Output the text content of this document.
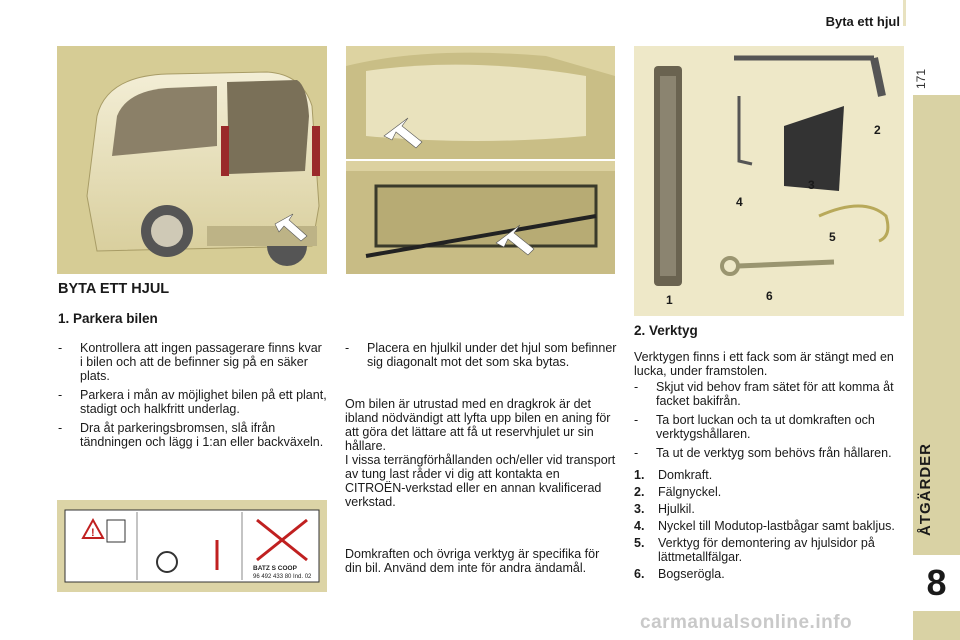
Byta ett hjul
171
ÅTGÄRDER
8
1
2
3
4
5
6
!
BATZ S COOP
96 492 433 80 Ind. 02
BYTA ETT HJUL
1. Parkera bilen
- Kontrollera att ingen passagerare finns kvar i bilen och att de befinner sig på en säker plats.
- Parkera i mån av möjlighet bilen på ett plant, stadigt och halkfritt underlag.
- Dra åt parkeringsbromsen, slå ifrån tändningen och lägg i 1:an eller backväxeln.
- Placera en hjulkil under det hjul som befinner sig diagonalt mot det som ska bytas.

Om bilen är utrustad med en dragkrok är det ibland nödvändigt att lyfta upp bilen en aning för att göra det lättare att få ut reservhjulet ur sin hållare.

I vissa terrängförhållanden och/eller vid transport av tung last råder vi dig att kontakta en CITROËN-verkstad eller en annan kvalificerad verkstad.

Domkraften och övriga verktyg är specifika för din bil. Använd dem inte för andra ändamål.

2. Verktyg

Verktygen finns i ett fack som är stängt med en lucka, under framstolen.

- Skjut vid behov fram sätet för att komma åt facket bakifrån.
- Ta bort luckan och ta ut domkraften och verktygshållaren.
- Ta ut de verktyg som behövs från hållaren.
1. Domkraft.
2. Fälgnyckel.
3. Hjulkil.
4. Nyckel till Modutop-lastbågar samt bakljus.
5. Verktyg för demontering av hjulsidor på lättmetallfälgar.
6. Bogserögla.
carmanualsonline.info
